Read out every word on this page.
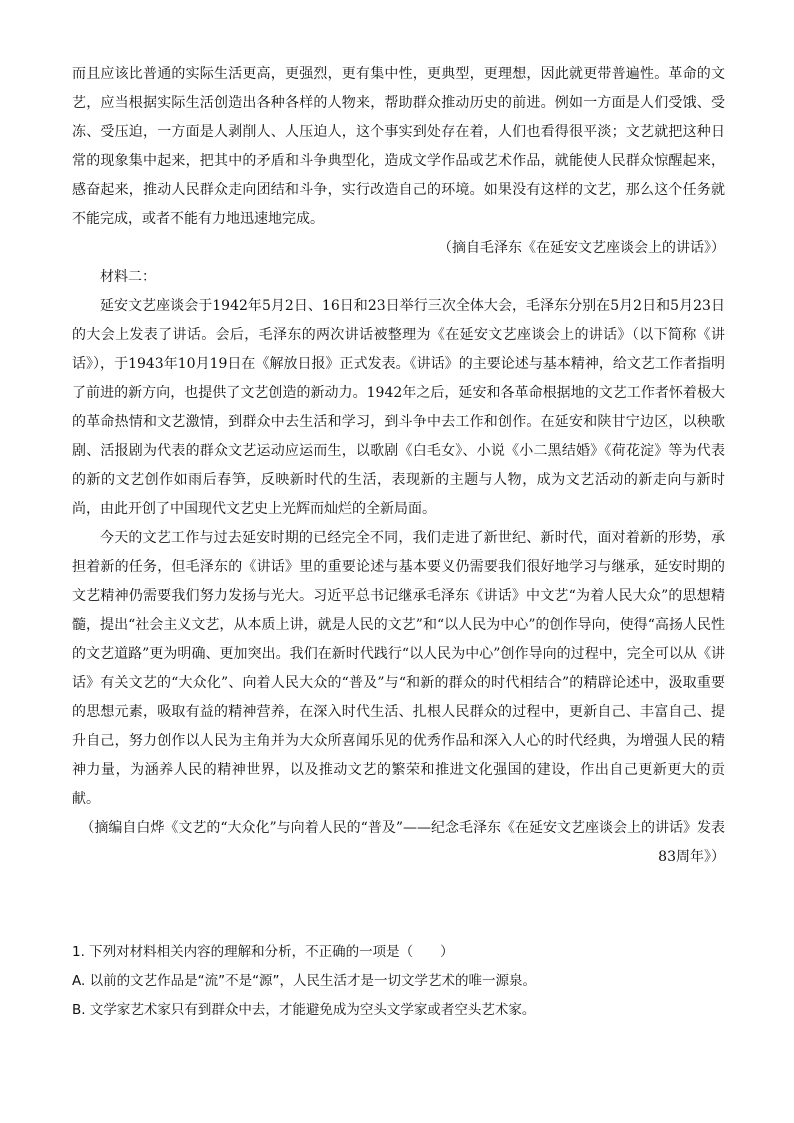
而且应该比普通的实际生活更高，更强烈，更有集中性，更典型，更理想，因此就更带普遍性。革命的文艺，应当根据实际生活创造出各种各样的人物来，帮助群众推动历史的前进。例如一方面是人们受饿、受冻、受压迫，一方面是人剥削人、人压迫人，这个事实到处存在着，人们也看得很平淡；文艺就把这种日常的现象集中起来，把其中的矛盾和斗争典型化，造成文学作品或艺术作品，就能使人民群众惊醒起来，感奋起来，推动人民群众走向团结和斗争，实行改造自己的环境。如果没有这样的文艺，那么这个任务就不能完成，或者不能有力地迅速地完成。

（摘自毛泽东《在延安文艺座谈会上的讲话》）

材料二：

延安文艺座谈会于1942年5月2日、16日和23日举行三次全体大会，毛泽东分别在5月2日和5月23日的大会上发表了讲话。会后，毛泽东的两次讲话被整理为《在延安文艺座谈会上的讲话》（以下简称《讲话》），于1943年10月19日在《解放日报》正式发表。《讲话》的主要论述与基本精神，给文艺工作者指明了前进的新方向，也提供了文艺创造的新动力。1942年之后，延安和各革命根据地的文艺工作者怀着极大的革命热情和文艺激情，到群众中去生活和学习，到斗争中去工作和创作。在延安和陕甘宁边区，以秧歌剧、活报剧为代表的群众文艺运动应运而生，以歌剧《白毛女》、小说《小二黑结婚》《荷花淀》等为代表的新的文艺创作如雨后春笋，反映新时代的生活，表现新的主题与人物，成为文艺活动的新走向与新时尚，由此开创了中国现代文艺史上光辉而灿烂的全新局面。

今天的文艺工作与过去延安时期的已经完全不同，我们走进了新世纪、新时代，面对着新的形势，承担着新的任务，但毛泽东的《讲话》里的重要论述与基本要义仍需要我们很好地学习与继承，延安时期的文艺精神仍需要我们努力发扬与光大。习近平总书记继承毛泽东《讲话》中文艺“为着人民大众”的思想精髓，提出“社会主义文艺，从本质上讲，就是人民的文艺”和“以人民为中心”的创作导向，使得“高扬人民性的文艺道路”更为明确、更加突出。我们在新时代践行“以人民为中心”创作导向的过程中，完全可以从《讲话》有关文艺的“大众化”、向着人民大众的“普及”与“和新的群众的时代相结合”的精辟论述中，汲取重要的思想元素，吸取有益的精神营养，在深入时代生活、扎根人民群众的过程中，更新自己、丰富自己、提升自己，努力创作以人民为主角并为大众所喜闻乐见的优秀作品和深入人心的时代经典，为增强人民的精神力量，为涵养人民的精神世界，以及推动文艺的繁荣和推进文化强国的建设，作出自己更新更大的贡献。

（摘编自白烨《文艺的“大众化”与向着人民的“普及”——纪念毛泽东《在延安文艺座谈会上的讲话》发表83周年》）

1. 下列对材料相关内容的理解和分析，不正确的一项是（　　）

A. 以前的文艺作品是“流”不是“源”，人民生活才是一切文学艺术的唯一源泉。

B. 文学家艺术家只有到群众中去，才能避免成为空头文学家或者空头艺术家。
